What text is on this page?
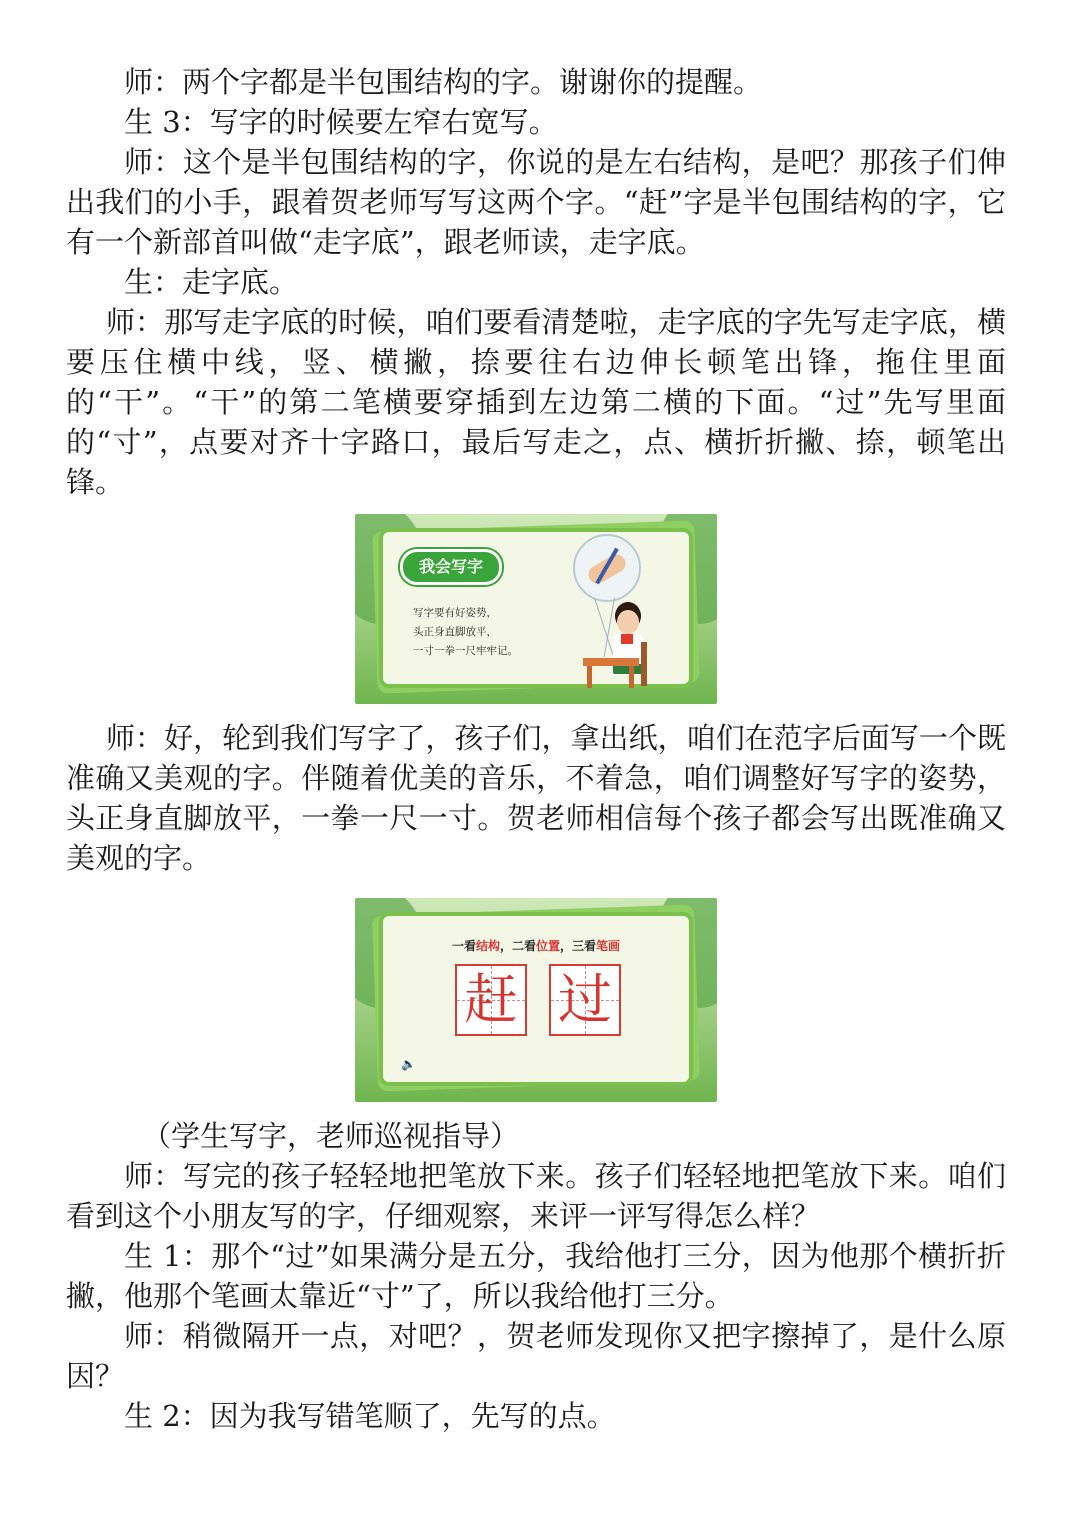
师：两个字都是半包围结构的字。谢谢你的提醒。

生 3：写字的时候要左窄右宽写。

师：这个是半包围结构的字，你说的是左右结构，是吧？那孩子们伸出我们的小手，跟着贺老师写写这两个字。“赶”字是半包围结构的字，它有一个新部首叫做“走字底”，跟老师读，走字底。

生：走字底。

师：那写走字底的时候，咱们要看清楚啦，走字底的字先写走字底，横要压住横中线，竖、横撇，捺要往右边伸长顿笔出锋，拖住里面的“干”。“干”的第二笔横要穿插到左边第二横的下面。“过”先写里面的“寸”，点要对齐十字路口，最后写走之，点、横折折撇、捺，顿笔出锋。

我会写字
写字要有好姿势，
头正身直脚放平，
一寸一拳一尺牢牢记。

师：好，轮到我们写字了，孩子们，拿出纸，咱们在范字后面写一个既准确又美观的字。伴随着优美的音乐，不着急，咱们调整好写字的姿势，头正身直脚放平，一拳一尺一寸。贺老师相信每个孩子都会写出既准确又美观的字。

一看结构，二看位置，三看笔画
赶 过
🔈

（学生写字，老师巡视指导）

师：写完的孩子轻轻地把笔放下来。孩子们轻轻地把笔放下来。咱们看到这个小朋友写的字，仔细观察，来评一评写得怎么样？

生 1：那个“过”如果满分是五分，我给他打三分，因为他那个横折折撇，他那个笔画太靠近“寸”了，所以我给他打三分。

师：稍微隔开一点，对吧？，贺老师发现你又把字擦掉了，是什么原因？

生 2：因为我写错笔顺了，先写的点。
